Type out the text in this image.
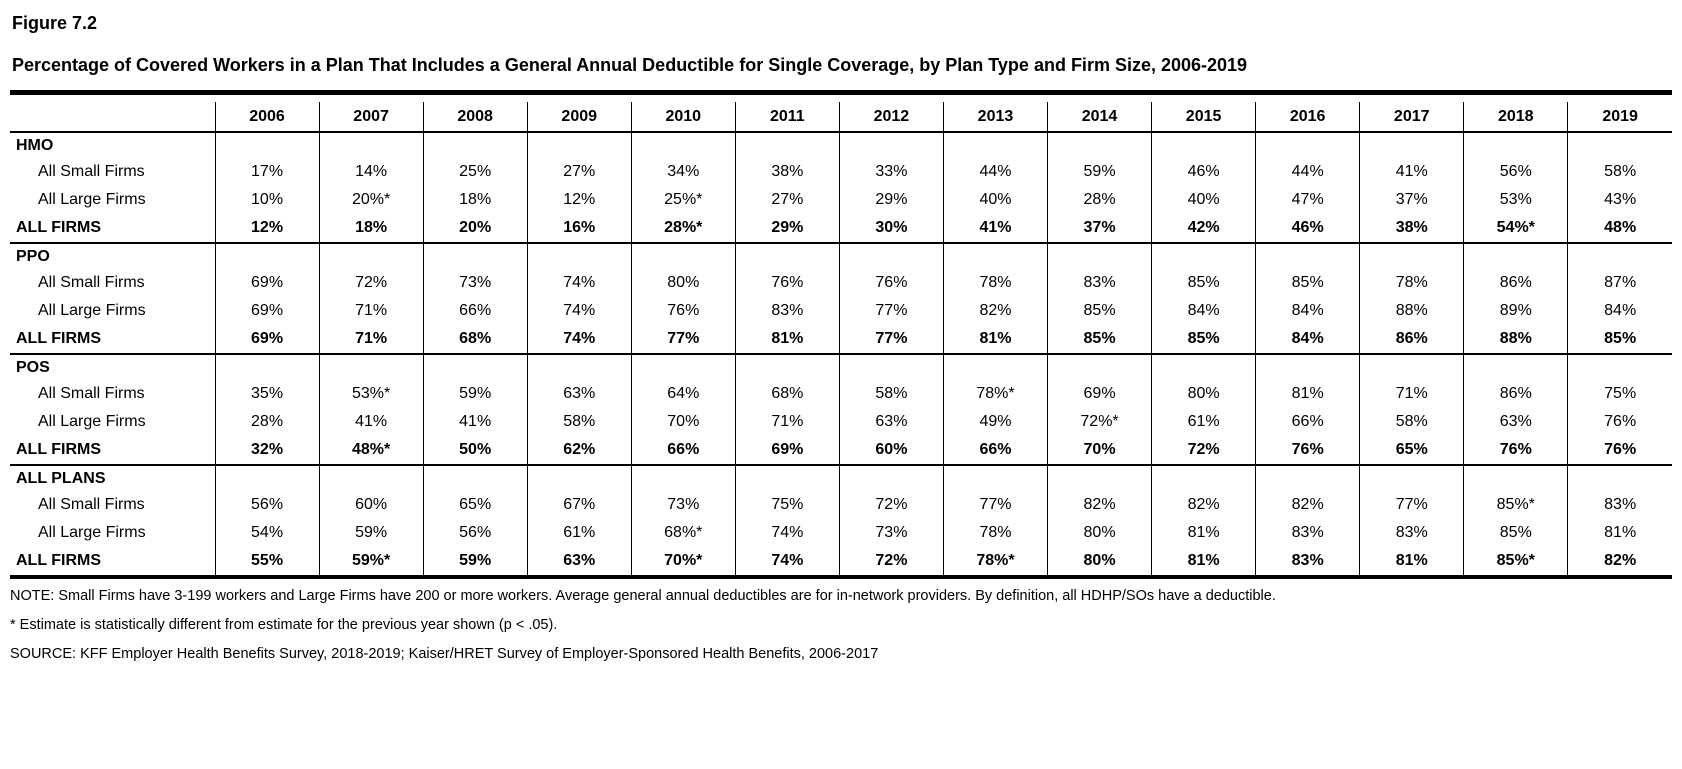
Figure 7.2
Percentage of Covered Workers in a Plan That Includes a General Annual Deductible for Single Coverage, by Plan Type and Firm Size, 2006-2019
	2006	2007	2008	2009	2010	2011	2012	2013	2014	2015	2016	2017	2018	2019
HMO														
All Small Firms	17%	14%	25%	27%	34%	38%	33%	44%	59%	46%	44%	41%	56%	58%
All Large Firms	10%	20%*	18%	12%	25%*	27%	29%	40%	28%	40%	47%	37%	53%	43%
ALL FIRMS	12%	18%	20%	16%	28%*	29%	30%	41%	37%	42%	46%	38%	54%*	48%
PPO														
All Small Firms	69%	72%	73%	74%	80%	76%	76%	78%	83%	85%	85%	78%	86%	87%
All Large Firms	69%	71%	66%	74%	76%	83%	77%	82%	85%	84%	84%	88%	89%	84%
ALL FIRMS	69%	71%	68%	74%	77%	81%	77%	81%	85%	85%	84%	86%	88%	85%
POS														
All Small Firms	35%	53%*	59%	63%	64%	68%	58%	78%*	69%	80%	81%	71%	86%	75%
All Large Firms	28%	41%	41%	58%	70%	71%	63%	49%	72%*	61%	66%	58%	63%	76%
ALL FIRMS	32%	48%*	50%	62%	66%	69%	60%	66%	70%	72%	76%	65%	76%	76%
ALL PLANS														
All Small Firms	56%	60%	65%	67%	73%	75%	72%	77%	82%	82%	82%	77%	85%*	83%
All Large Firms	54%	59%	56%	61%	68%*	74%	73%	78%	80%	81%	83%	83%	85%	81%
ALL FIRMS	55%	59%*	59%	63%	70%*	74%	72%	78%*	80%	81%	83%	81%	85%*	82%
NOTE: Small Firms have 3-199 workers and Large Firms have 200 or more workers. Average general annual deductibles are for in-network providers. By definition, all HDHP/SOs have a deductible.
* Estimate is statistically different from estimate for the previous year shown (p < .05).
SOURCE: KFF Employer Health Benefits Survey, 2018-2019; Kaiser/HRET Survey of Employer-Sponsored Health Benefits, 2006-2017
